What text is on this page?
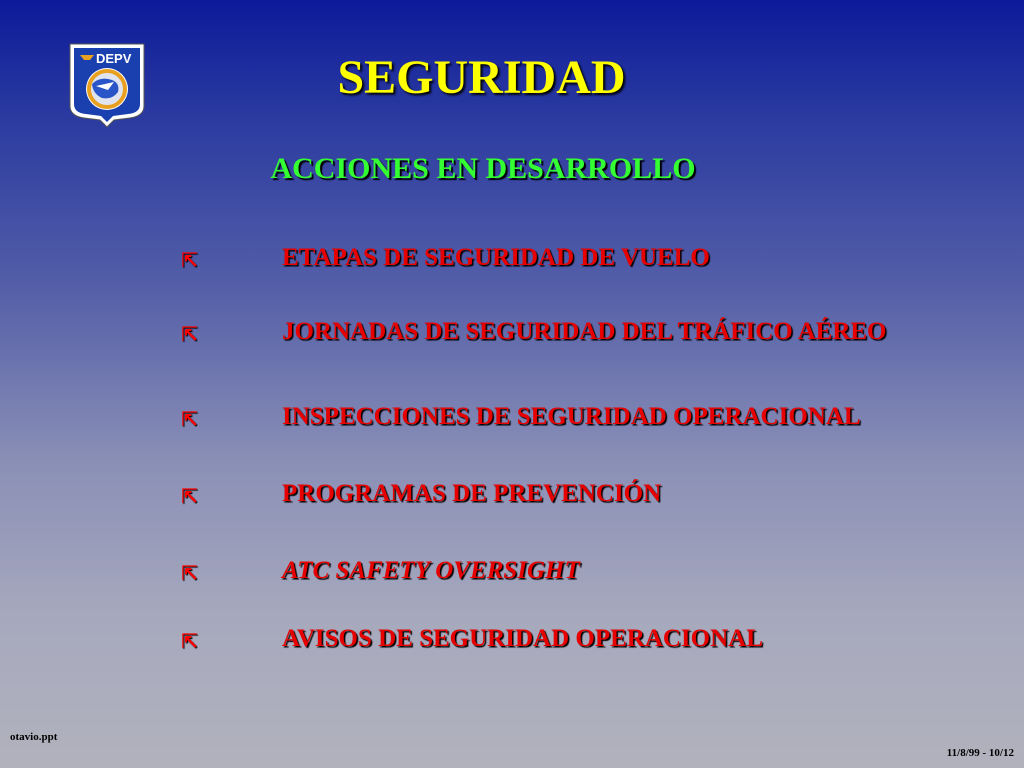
DEPV	SEGURIDAD
ACCIONES EN DESARROLLO
⇱	ETAPAS DE SEGURIDAD DE VUELO
⇱	JORNADAS DE SEGURIDAD DEL TRÁFICO AÉREO
⇱	INSPECCIONES DE SEGURIDAD OPERACIONAL
⇱	PROGRAMAS DE PREVENCIÓN
⇱	ATC SAFETY OVERSIGHT
⇱	AVISOS DE SEGURIDAD OPERACIONAL
otavio.ppt
11/8/99 - 10/12
